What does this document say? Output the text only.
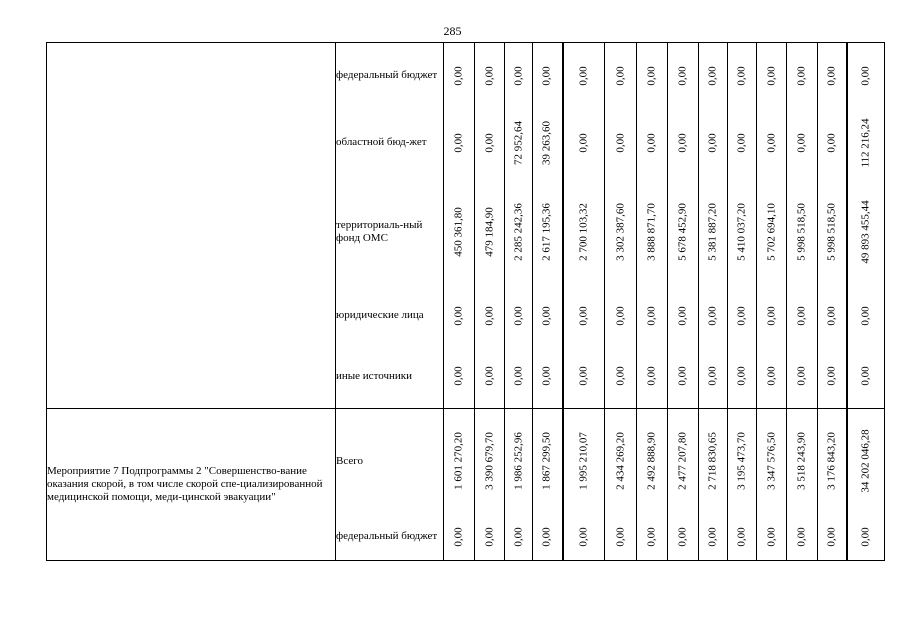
285
	федеральный бюджет	0,00	0,00	0,00	0,00	0,00	0,00	0,00	0,00	0,00	0,00	0,00	0,00	0,00	0,00

	областной бюд-жет	0,00	0,00	72 952,64	39 263,60	0,00	0,00	0,00	0,00	0,00	0,00	0,00	0,00	0,00	112 216,24

	территориаль-ный фонд ОМС	450 361,80	479 184,90	2 285 242,36	2 617 195,36	2 700 103,32	3 302 387,60	3 888 871,70	5 678 452,90	5 381 887,20	5 410 037,20	5 702 694,10	5 998 518,50	5 998 518,50	49 893 455,44

	юридические лица	0,00	0,00	0,00	0,00	0,00	0,00	0,00	0,00	0,00	0,00	0,00	0,00	0,00	0,00

	иные источники	0,00	0,00	0,00	0,00	0,00	0,00	0,00	0,00	0,00	0,00	0,00	0,00	0,00	0,00

Мероприятие 7 Подпрограммы 2 "Совершенство-вание оказания скорой, в том числе скорой спе-циализированной медицинской помощи, меди-цинской эвакуации"	Всего	1 601 270,20	3 390 679,70	1 986 252,96	1 867 299,50	1 995 210,07	2 434 269,20	2 492 888,90	2 477 207,80	2 718 830,65	3 195 473,70	3 347 576,50	3 518 243,90	3 176 843,20	34 202 046,28

	федеральный бюджет	0,00	0,00	0,00	0,00	0,00	0,00	0,00	0,00	0,00	0,00	0,00	0,00	0,00	0,00
